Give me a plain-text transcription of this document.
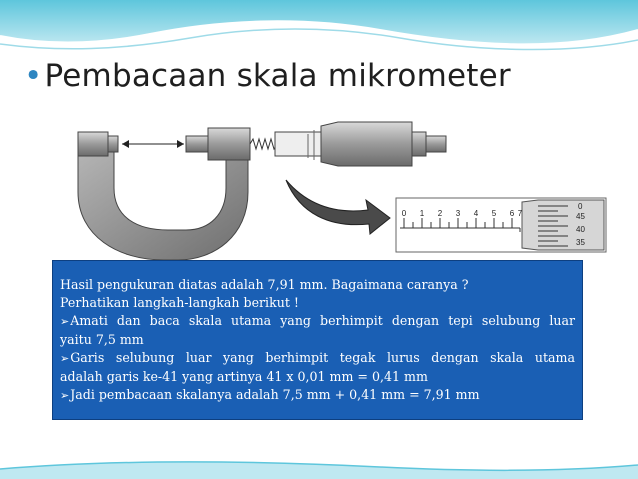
•Pembacaan skala mikrometer
0 1 2 3 4 5 6 7
0
45
40
35

Hasil pengukuran diatas adalah 7,91 mm. Bagaimana caranya ?

Perhatikan langkah-langkah berikut !

➢Amati dan baca skala utama yang berhimpit dengan tepi selubung luar

yaitu 7,5 mm

➢Garis selubung luar yang berhimpit tegak lurus dengan skala utama

adalah garis ke-41 yang artinya 41 x 0,01 mm = 0,41 mm

➢Jadi pembacaan skalanya adalah 7,5 mm + 0,41 mm = 7,91 mm
